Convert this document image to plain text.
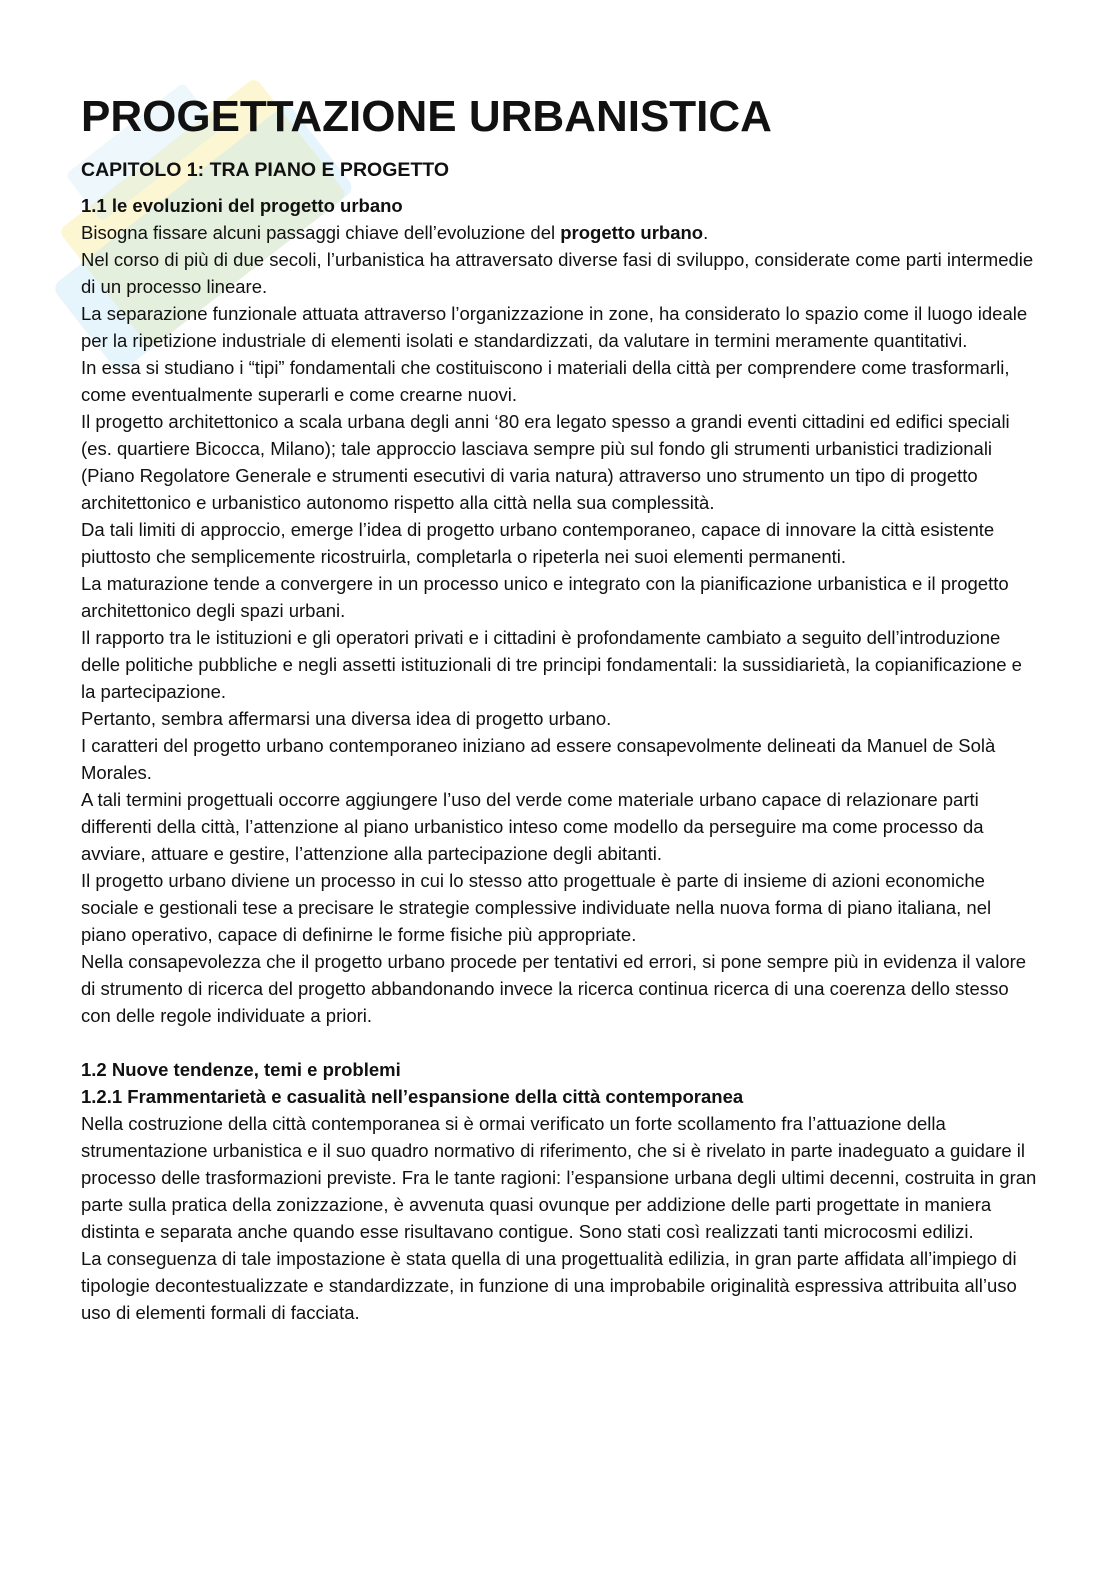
PROGETTAZIONE URBANISTICA
CAPITOLO 1: TRA PIANO E PROGETTO
1.1 le evoluzioni del progetto urbano

Bisogna fissare alcuni passaggi chiave dell’evoluzione del progetto urbano.

Nel corso di più di due secoli, l’urbanistica ha attraversato diverse fasi di sviluppo, considerate come parti intermedie di un processo lineare.

La separazione funzionale attuata attraverso l’organizzazione in zone, ha considerato lo spazio come il luogo ideale per la ripetizione industriale di elementi isolati e standardizzati, da valutare in termini meramente quantitativi.

In essa si studiano i “tipi” fondamentali che costituiscono i materiali della città per comprendere come trasformarli, come eventualmente superarli e come crearne nuovi.

Il progetto architettonico a scala urbana degli anni ‘80 era legato spesso a grandi eventi cittadini ed edifici speciali (es. quartiere Bicocca, Milano); tale approccio lasciava sempre più sul fondo gli strumenti urbanistici tradizionali (Piano Regolatore Generale e strumenti esecutivi di varia natura) attraverso uno strumento un tipo di progetto architettonico e urbanistico autonomo rispetto alla città nella sua complessità.

Da tali limiti di approccio, emerge l’idea di progetto urbano contemporaneo, capace di innovare la città esistente piuttosto che semplicemente ricostruirla, completarla o ripeterla nei suoi elementi permanenti.

La maturazione tende a convergere in un processo unico e integrato con la pianificazione urbanistica e il progetto architettonico degli spazi urbani.

Il rapporto tra le istituzioni e gli operatori privati e i cittadini è profondamente cambiato a seguito dell’introduzione delle politiche pubbliche e negli assetti istituzionali di tre principi fondamentali: la sussidiarietà, la copianificazione e la partecipazione.

Pertanto, sembra affermarsi una diversa idea di progetto urbano.

I caratteri del progetto urbano contemporaneo iniziano ad essere consapevolmente delineati da Manuel de Solà Morales.

A tali termini progettuali occorre aggiungere l’uso del verde come materiale urbano capace di relazionare parti differenti della città, l’attenzione al piano urbanistico inteso come modello da perseguire ma come processo da avviare, attuare e gestire, l’attenzione alla partecipazione degli abitanti.

Il progetto urbano diviene un processo in cui lo stesso atto progettuale è parte di insieme di azioni economiche sociale e gestionali tese a precisare le strategie complessive individuate nella nuova forma di piano italiana, nel piano operativo, capace di definirne le forme fisiche più appropriate.

Nella consapevolezza che il progetto urbano procede per tentativi ed errori, si pone sempre più in evidenza il valore di strumento di ricerca del progetto abbandonando invece la ricerca continua ricerca di una coerenza dello stesso con delle regole individuate a priori.

1.2 Nuove tendenze, temi e problemi
1.2.1 Frammentarietà e casualità nell’espansione della città contemporanea

Nella costruzione della città contemporanea si è ormai verificato un forte scollamento fra l’attuazione della strumentazione urbanistica e il suo quadro normativo di riferimento, che si è rivelato in parte inadeguato a guidare il processo delle trasformazioni previste. Fra le tante ragioni: l’espansione urbana degli ultimi decenni, costruita in gran parte sulla pratica della zonizzazione, è avvenuta quasi ovunque per addizione delle parti progettate in maniera distinta e separata anche quando esse risultavano contigue. Sono stati così realizzati tanti microcosmi edilizi.

La conseguenza di tale impostazione è stata quella di una progettualità edilizia, in gran parte affidata all’impiego di tipologie decontestualizzate e standardizzate, in funzione di una improbabile originalità espressiva attribuita all’uso uso di elementi formali di facciata.
